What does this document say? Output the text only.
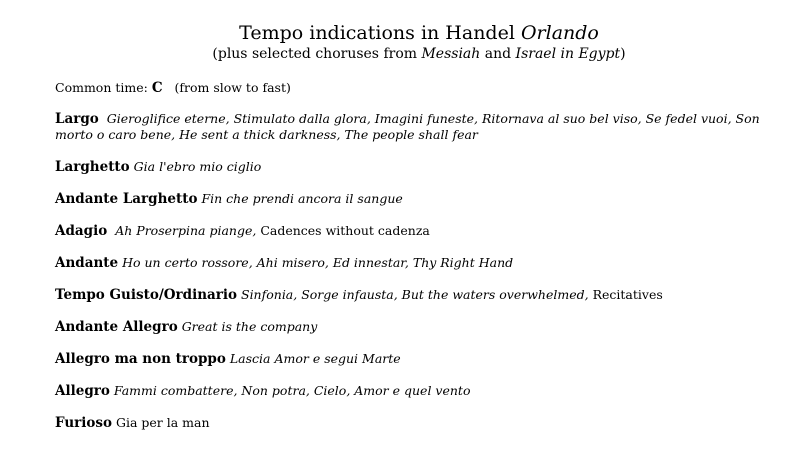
Tempo indications in Handel Orlando
(plus selected choruses from Messiah and Israel in Egypt)
Common time: C (from slow to fast)
Largo Gieroglifice eterne, Stimulato dalla glora, Imagini funeste, Ritornava al suo bel viso, Se fedel vuoi, Son morto o caro bene, He sent a thick darkness, The people shall fear
Larghetto Gia l'ebro mio ciglio
Andante Larghetto Fin che prendi ancora il sangue
Adagio Ah Proserpina piange, Cadences without cadenza
Andante Ho un certo rossore, Ahi misero, Ed innestar, Thy Right Hand
Tempo Guisto/Ordinario Sinfonia, Sorge infausta, But the waters overwhelmed, Recitatives
Andante Allegro Great is the company
Allegro ma non troppo Lascia Amor e segui Marte
Allegro Fammi combattere, Non potra, Cielo, Amor e quel vento
Furioso Gia per la man
